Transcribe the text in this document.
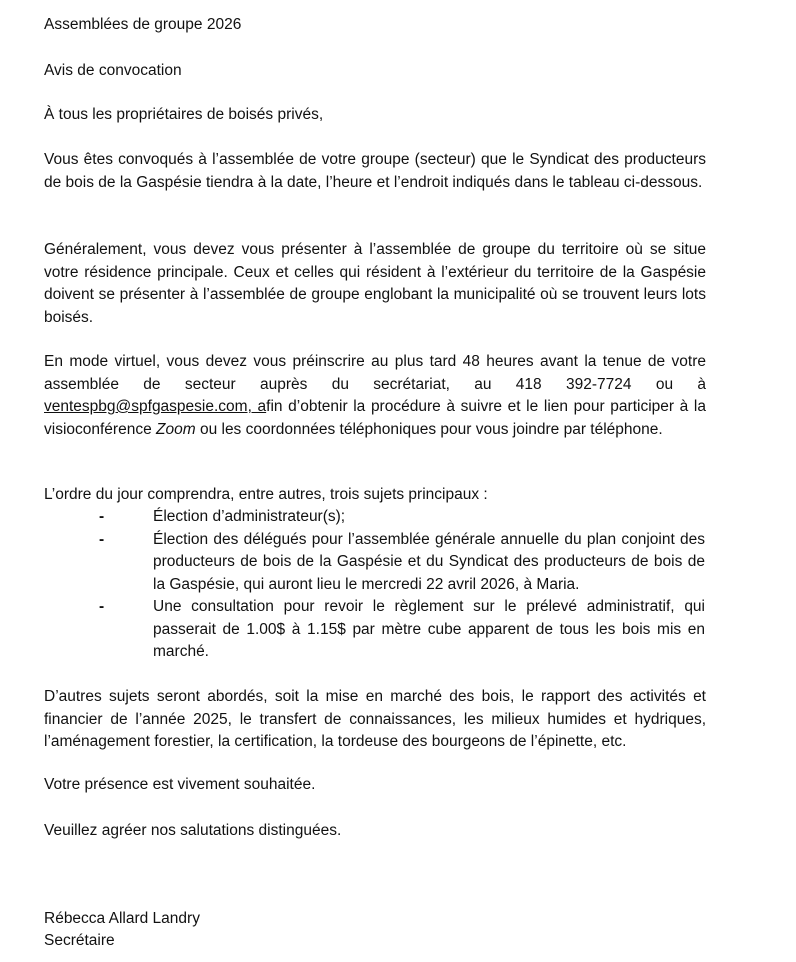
Assemblées de groupe 2026
Avis de convocation
À tous les propriétaires de boisés privés,
Vous êtes convoqués à l’assemblée de votre groupe (secteur) que le Syndicat des producteurs de bois de la Gaspésie tiendra à la date, l’heure et l’endroit indiqués dans le tableau ci-dessous.
Généralement, vous devez vous présenter à l’assemblée de groupe du territoire où se situe votre résidence principale. Ceux et celles qui résident à l’extérieur du territoire de la Gaspésie doivent se présenter à l’assemblée de groupe englobant la municipalité où se trouvent leurs lots boisés.
En mode virtuel, vous devez vous préinscrire au plus tard 48 heures avant la tenue de votre assemblée de secteur auprès du secrétariat, au 418 392-7724 ou à ventespbg@spfgaspesie.com, afin d’obtenir la procédure à suivre et le lien pour participer à la visioconférence Zoom ou les coordonnées téléphoniques pour vous joindre par téléphone.
L’ordre du jour comprendra, entre autres, trois sujets principaux :
-	Élection d’administrateur(s);
-	Élection des délégués pour l’assemblée générale annuelle du plan conjoint des producteurs de bois de la Gaspésie et du Syndicat des producteurs de bois de la Gaspésie, qui auront lieu le mercredi 22 avril 2026, à Maria.
-	Une consultation pour revoir le règlement sur le prélevé administratif, qui passerait de 1.00$ à 1.15$ par mètre cube apparent de tous les bois mis en marché.
D’autres sujets seront abordés, soit la mise en marché des bois, le rapport des activités et financier de l’année 2025, le transfert de connaissances, les milieux humides et hydriques, l’aménagement forestier, la certification, la tordeuse des bourgeons de l’épinette, etc.
Votre présence est vivement souhaitée.
Veuillez agréer nos salutations distinguées.
Rébecca Allard Landry
Secrétaire
